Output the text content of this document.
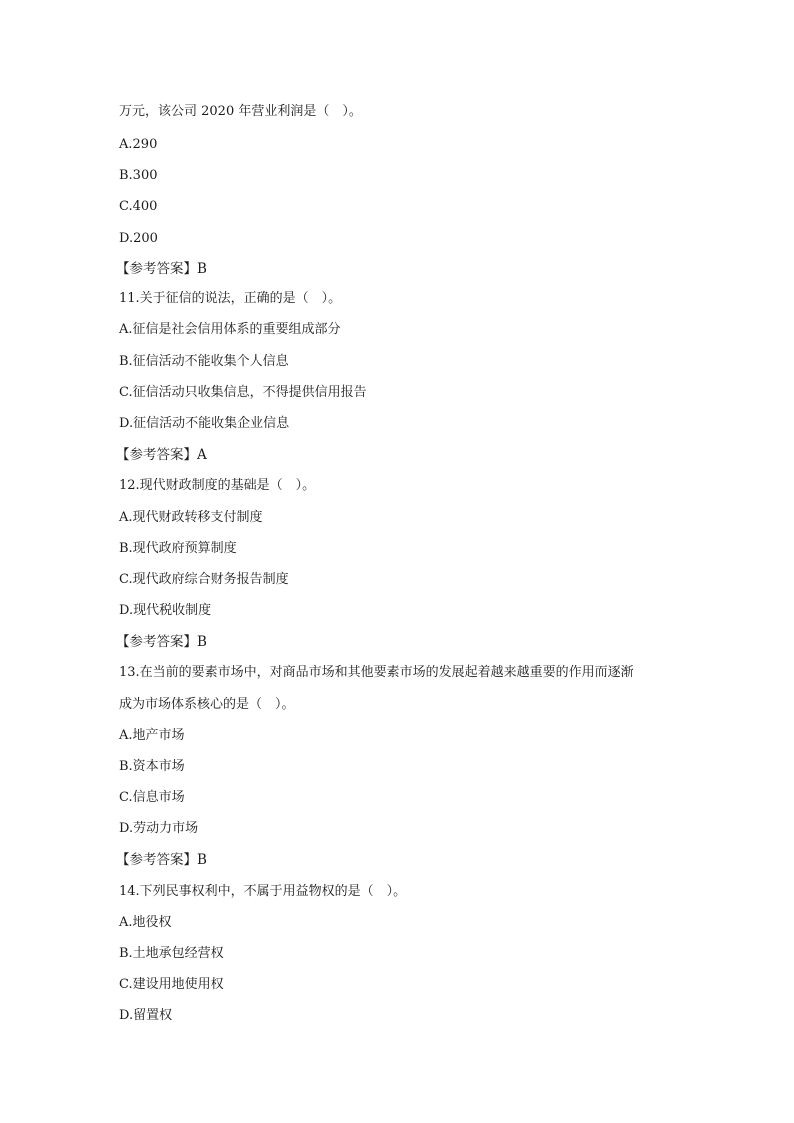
万元，该公司 2020 年营业利润是（　）。
A.290
B.300
C.400
D.200
【参考答案】B
11.关于征信的说法，正确的是（　）。
A.征信是社会信用体系的重要组成部分
B.征信活动不能收集个人信息
C.征信活动只收集信息，不得提供信用报告
D.征信活动不能收集企业信息
【参考答案】A
12.现代财政制度的基础是（　）。
A.现代财政转移支付制度
B.现代政府预算制度
C.现代政府综合财务报告制度
D.现代税收制度
【参考答案】B
13.在当前的要素市场中，对商品市场和其他要素市场的发展起着越来越重要的作用而逐渐
成为市场体系核心的是（　）。
A.地产市场
B.资本市场
C.信息市场
D.劳动力市场
【参考答案】B
14.下列民事权利中，不属于用益物权的是（　）。
A.地役权
B.土地承包经营权
C.建设用地使用权
D.留置权
